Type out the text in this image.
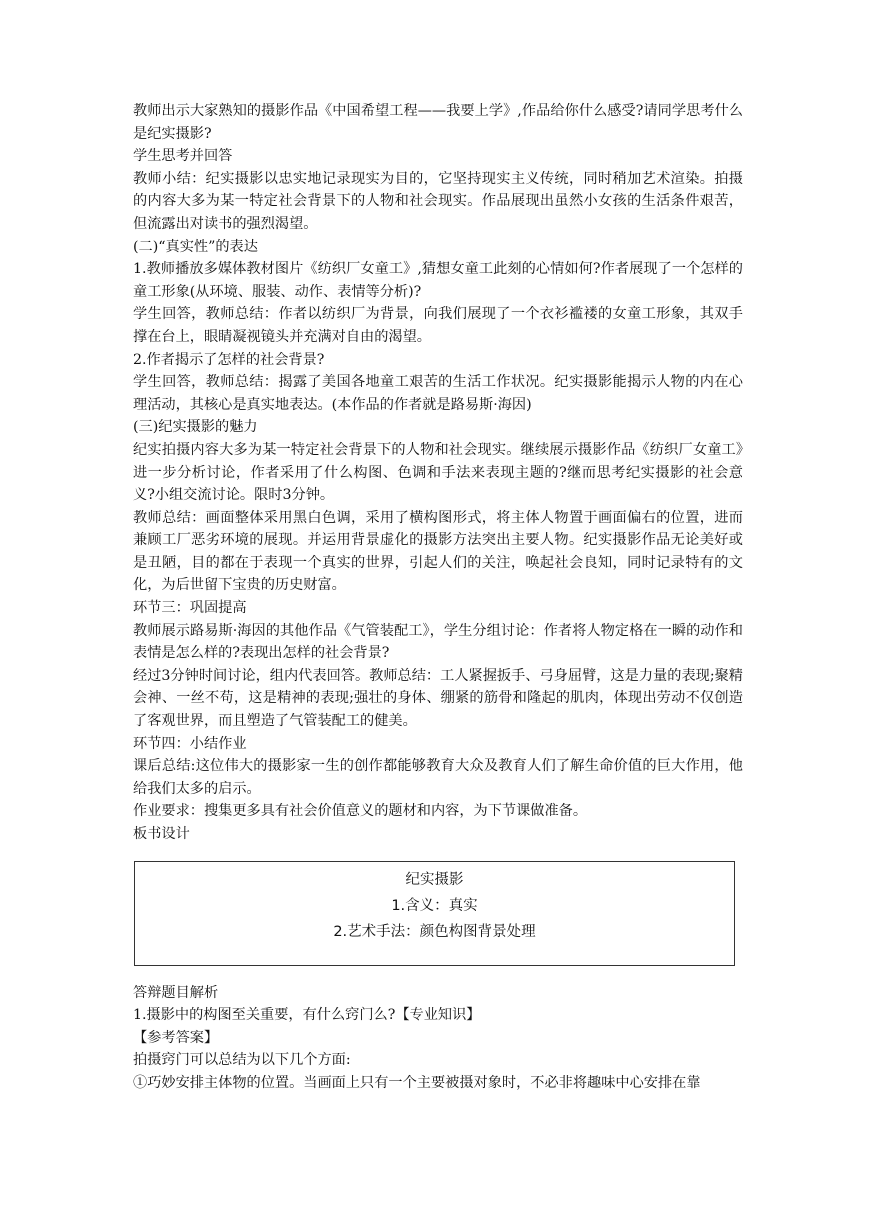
教师出示大家熟知的摄影作品《中国希望工程——我要上学》,作品给你什么感受?请同学思考什么是纪实摄影?
学生思考并回答
教师小结：纪实摄影以忠实地记录现实为目的，它坚持现实主义传统，同时稍加艺术渲染。拍摄的内容大多为某一特定社会背景下的人物和社会现实。作品展现出虽然小女孩的生活条件艰苦，但流露出对读书的强烈渴望。
(二)“真实性”的表达
1.教师播放多媒体教材图片《纺织厂女童工》,猜想女童工此刻的心情如何?作者展现了一个怎样的童工形象(从环境、服装、动作、表情等分析)?
学生回答，教师总结：作者以纺织厂为背景，向我们展现了一个衣衫褴褛的女童工形象，其双手撑在台上，眼睛凝视镜头并充满对自由的渴望。
2.作者揭示了怎样的社会背景?
学生回答，教师总结：揭露了美国各地童工艰苦的生活工作状况。纪实摄影能揭示人物的内在心理活动，其核心是真实地表达。(本作品的作者就是路易斯·海因)
(三)纪实摄影的魅力
纪实拍摄内容大多为某一特定社会背景下的人物和社会现实。继续展示摄影作品《纺织厂女童工》进一步分析讨论，作者采用了什么构图、色调和手法来表现主题的?继而思考纪实摄影的社会意义?小组交流讨论。限时3分钟。
教师总结：画面整体采用黑白色调，采用了横构图形式，将主体人物置于画面偏右的位置，进而兼顾工厂恶劣环境的展现。并运用背景虚化的摄影方法突出主要人物。纪实摄影作品无论美好或是丑陋，目的都在于表现一个真实的世界，引起人们的关注，唤起社会良知，同时记录特有的文化，为后世留下宝贵的历史财富。
环节三：巩固提高
教师展示路易斯·海因的其他作品《气管装配工》，学生分组讨论：作者将人物定格在一瞬的动作和表情是怎么样的?表现出怎样的社会背景?
经过3分钟时间讨论，组内代表回答。教师总结：工人紧握扳手、弓身屈臂，这是力量的表现;聚精会神、一丝不苟，这是精神的表现;强壮的身体、绷紧的筋骨和隆起的肌肉，体现出劳动不仅创造了客观世界，而且塑造了气管装配工的健美。
环节四：小结作业
课后总结:这位伟大的摄影家一生的创作都能够教育大众及教育人们了解生命价值的巨大作用，他给我们太多的启示。
作业要求：搜集更多具有社会价值意义的题材和内容，为下节课做准备。
板书设计
纪实摄影
1.含义：真实
2.艺术手法：颜色构图背景处理
答辩题目解析
1.摄影中的构图至关重要，有什么窍门么?【专业知识】
【参考答案】
拍摄窍门可以总结为以下几个方面:
①巧妙安排主体物的位置。当画面上只有一个主要被摄对象时，不必非将趣味中心安排在靠
